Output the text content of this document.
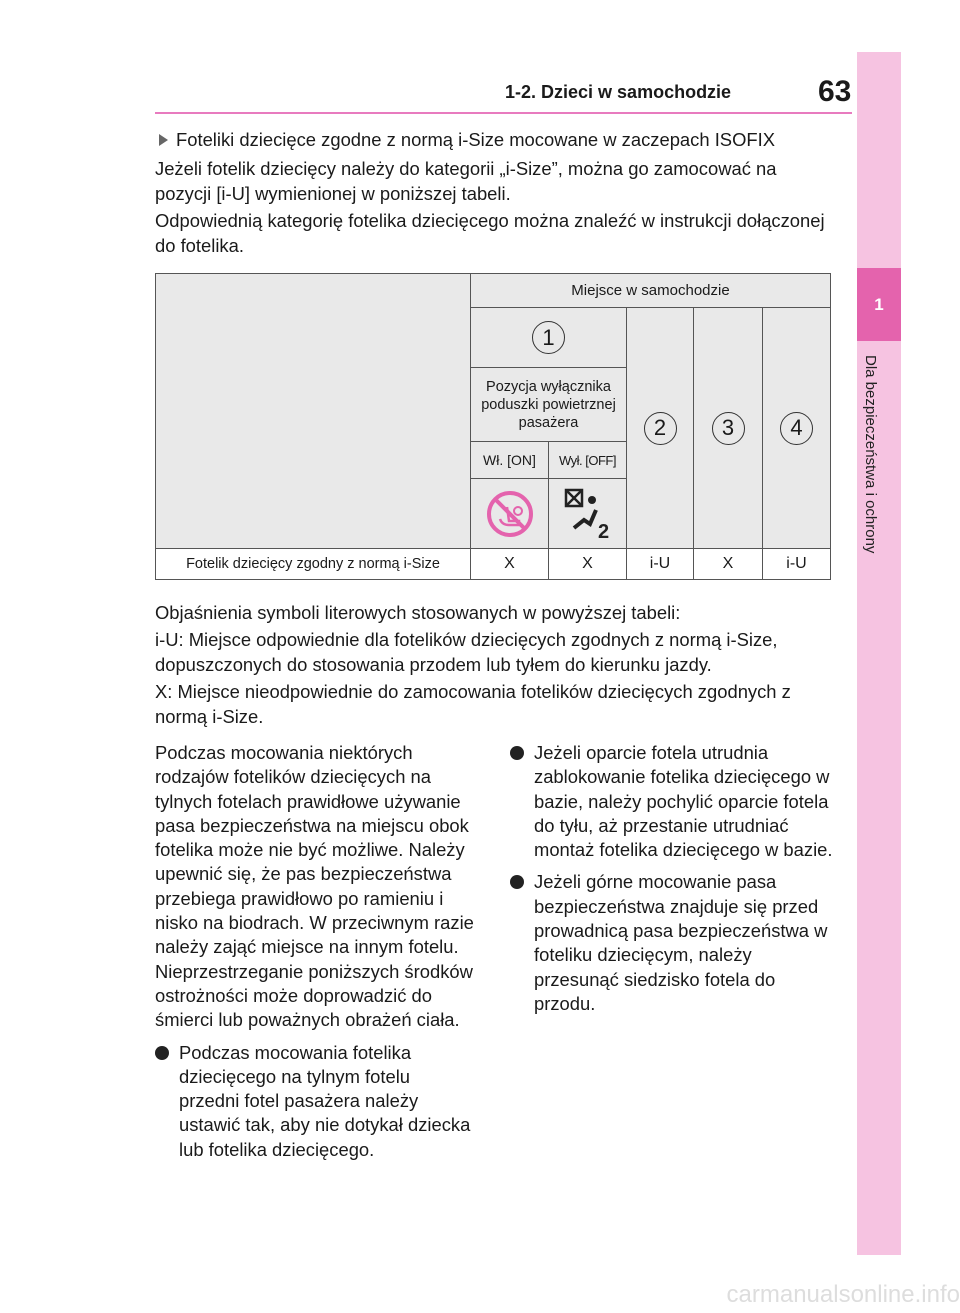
1-2. Dzieci w samochodzie	63
1
Dla bezpieczeństwa i ochrony
Foteliki dziecięce zgodne z normą i-Size mocowane w zaczepach ISOFIX
Jeżeli fotelik dziecięcy należy do kategorii „i-Size”, można go zamocować na pozycji [i-U] wymienionej w poniższej tabeli.
Odpowiednią kategorię fotelika dziecięcego można znaleźć w instrukcji dołączonej do fotelika.
Miejsce w samochodzie
1
2	3	4
Pozycja wyłącznika poduszki powietrznej pasażera
Wł. [ON] Wył. [OFF]
2
Fotelik dziecięcy zgodny z normą i-Size	X	X	i-U	X	i-U
Objaśnienia symboli literowych stosowanych w powyższej tabeli:
i-U: Miejsce odpowiednie dla fotelików dziecięcych zgodnych z normą i-Size, dopuszczonych do stosowania przodem lub tyłem do kierunku jazdy.
X: Miejsce nieodpowiednie do zamocowania fotelików dziecięcych zgodnych z normą i-Size.
Podczas mocowania niektórych rodzajów fotelików dziecięcych na tylnych fotelach prawidłowe używanie pasa bezpieczeństwa na miejscu obok fotelika może nie być możliwe. Należy upewnić się, że pas bezpieczeństwa przebiega prawidłowo po ramieniu i nisko na biodrach. W przeciwnym razie należy zająć miejsce na innym fotelu. Nieprzestrzeganie poniższych środków ostrożności może doprowadzić do śmierci lub poważnych obrażeń ciała.
Podczas mocowania fotelika dziecięcego na tylnym fotelu przedni fotel pasażera należy ustawić tak, aby nie dotykał dziecka lub fotelika dziecięcego.
Jeżeli oparcie fotela utrudnia zablokowanie fotelika dziecięcego w bazie, należy pochylić oparcie fotela do tyłu, aż przestanie utrudniać montaż fotelika dziecięcego w bazie.
Jeżeli górne mocowanie pasa bezpieczeństwa znajduje się przed prowadnicą pasa bezpieczeństwa w foteliku dziecięcym, należy przesunąć siedzisko fotela do przodu.
carmanualsonline.info
